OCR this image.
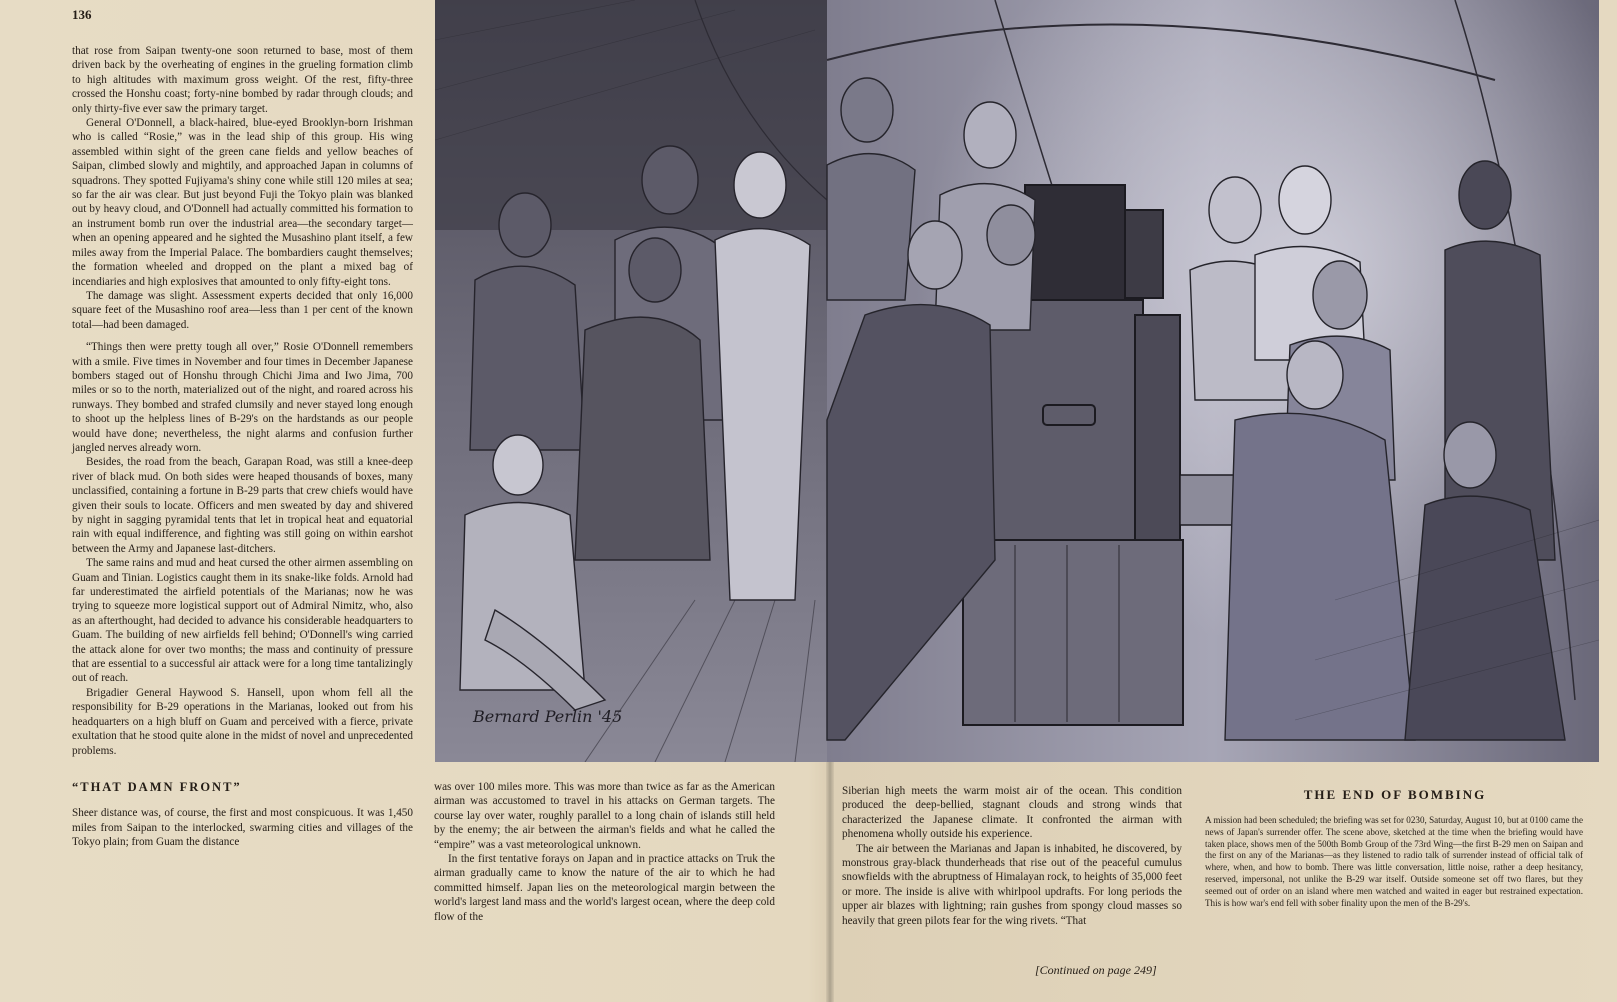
136

that rose from Saipan twenty-one soon returned to base, most of them driven back by the overheating of engines in the grueling formation climb to high altitudes with maximum gross weight. Of the rest, fifty-three crossed the Honshu coast; forty-nine bombed by radar through clouds; and only thirty-five ever saw the primary target.

General O'Donnell, a black-haired, blue-eyed Brooklyn-born Irishman who is called “Rosie,” was in the lead ship of this group. His wing assembled within sight of the green cane fields and yellow beaches of Saipan, climbed slowly and mightily, and approached Japan in columns of squadrons. They spotted Fujiyama's shiny cone while still 120 miles at sea; so far the air was clear. But just beyond Fuji the Tokyo plain was blanked out by heavy cloud, and O'Donnell had actually committed his formation to an instrument bomb run over the industrial area—the secondary target—when an opening appeared and he sighted the Musashino plant itself, a few miles away from the Imperial Palace. The bombardiers caught themselves; the formation wheeled and dropped on the plant a mixed bag of incendiaries and high explosives that amounted to only fifty-eight tons.

The damage was slight. Assessment experts decided that only 16,000 square feet of the Musashino roof area—less than 1 per cent of the known total—had been damaged.

“Things then were pretty tough all over,” Rosie O'Donnell remembers with a smile. Five times in November and four times in December Japanese bombers staged out of Honshu through Chichi Jima and Iwo Jima, 700 miles or so to the north, materialized out of the night, and roared across his runways. They bombed and strafed clumsily and never stayed long enough to shoot up the helpless lines of B-29's on the hardstands as our people would have done; nevertheless, the night alarms and confusion further jangled nerves already worn.

Besides, the road from the beach, Garapan Road, was still a knee-deep river of black mud. On both sides were heaped thousands of boxes, many unclassified, containing a fortune in B-29 parts that crew chiefs would have given their souls to locate. Officers and men sweated by day and shivered by night in sagging pyramidal tents that let in tropical heat and equatorial rain with equal indifference, and fighting was still going on within earshot between the Army and Japanese last-ditchers.

The same rains and mud and heat cursed the other airmen assembling on Guam and Tinian. Logistics caught them in its snake-like folds. Arnold had far underestimated the airfield potentials of the Marianas; now he was trying to squeeze more logistical support out of Admiral Nimitz, who, also as an afterthought, had decided to advance his considerable headquarters to Guam. The building of new airfields fell behind; O'Donnell's wing carried the attack alone for over two months; the mass and continuity of pressure that are essential to a successful air attack were for a long time tantalizingly out of reach.

Brigadier General Haywood S. Hansell, upon whom fell all the responsibility for B-29 operations in the Marianas, looked out from his headquarters on a high bluff on Guam and perceived with a fierce, private exultation that he stood quite alone in the midst of novel and unprecedented problems.

“THAT DAMN FRONT”

Sheer distance was, of course, the first and most conspicuous. It was 1,450 miles from Saipan to the interlocked, swarming cities and villages of the Tokyo plain; from Guam the distance

Bernard Perlin '45

was over 100 miles more. This was more than twice as far as the American airman was accustomed to travel in his attacks on German targets. The course lay over water, roughly parallel to a long chain of islands still held by the enemy; the air between the airman's fields and what he called the “empire” was a vast meteorological unknown.

In the first tentative forays on Japan and in practice attacks on Truk the airman gradually came to know the nature of the air to which he had committed himself. Japan lies on the meteorological margin between the world's largest land mass and the world's largest ocean, where the deep cold flow of the

Siberian high meets the warm moist air of the ocean. This condition produced the deep-bellied, stagnant clouds and strong winds that characterized the Japanese climate. It confronted the airman with phenomena wholly outside his experience.

The air between the Marianas and Japan is inhabited, he discovered, by monstrous gray-black thunderheads that rise out of the peaceful cumulus snowfields with the abruptness of Himalayan rock, to heights of 35,000 feet or more. The inside is alive with whirlpool updrafts. For long periods the upper air blazes with lightning; rain gushes from spongy cloud masses so heavily that green pilots fear for the wing rivets. “That

THE END OF BOMBING
A mission had been scheduled; the briefing was set for 0230, Saturday, August 10, but at 0100 came the news of Japan's surrender offer. The scene above, sketched at the time when the briefing would have taken place, shows men of the 500th Bomb Group of the 73rd Wing—the first B-29 men on Saipan and the first on any of the Marianas—as they listened to radio talk of surrender instead of official talk of where, when, and how to bomb. There was little conversation, little noise, rather a deep hesitancy, reserved, impersonal, not unlike the B-29 war itself. Outside someone set off two flares, but they seemed out of order on an island where men watched and waited in eager but restrained expectation. This is how war's end fell with sober finality upon the men of the B-29's.
[Continued on page 249]
